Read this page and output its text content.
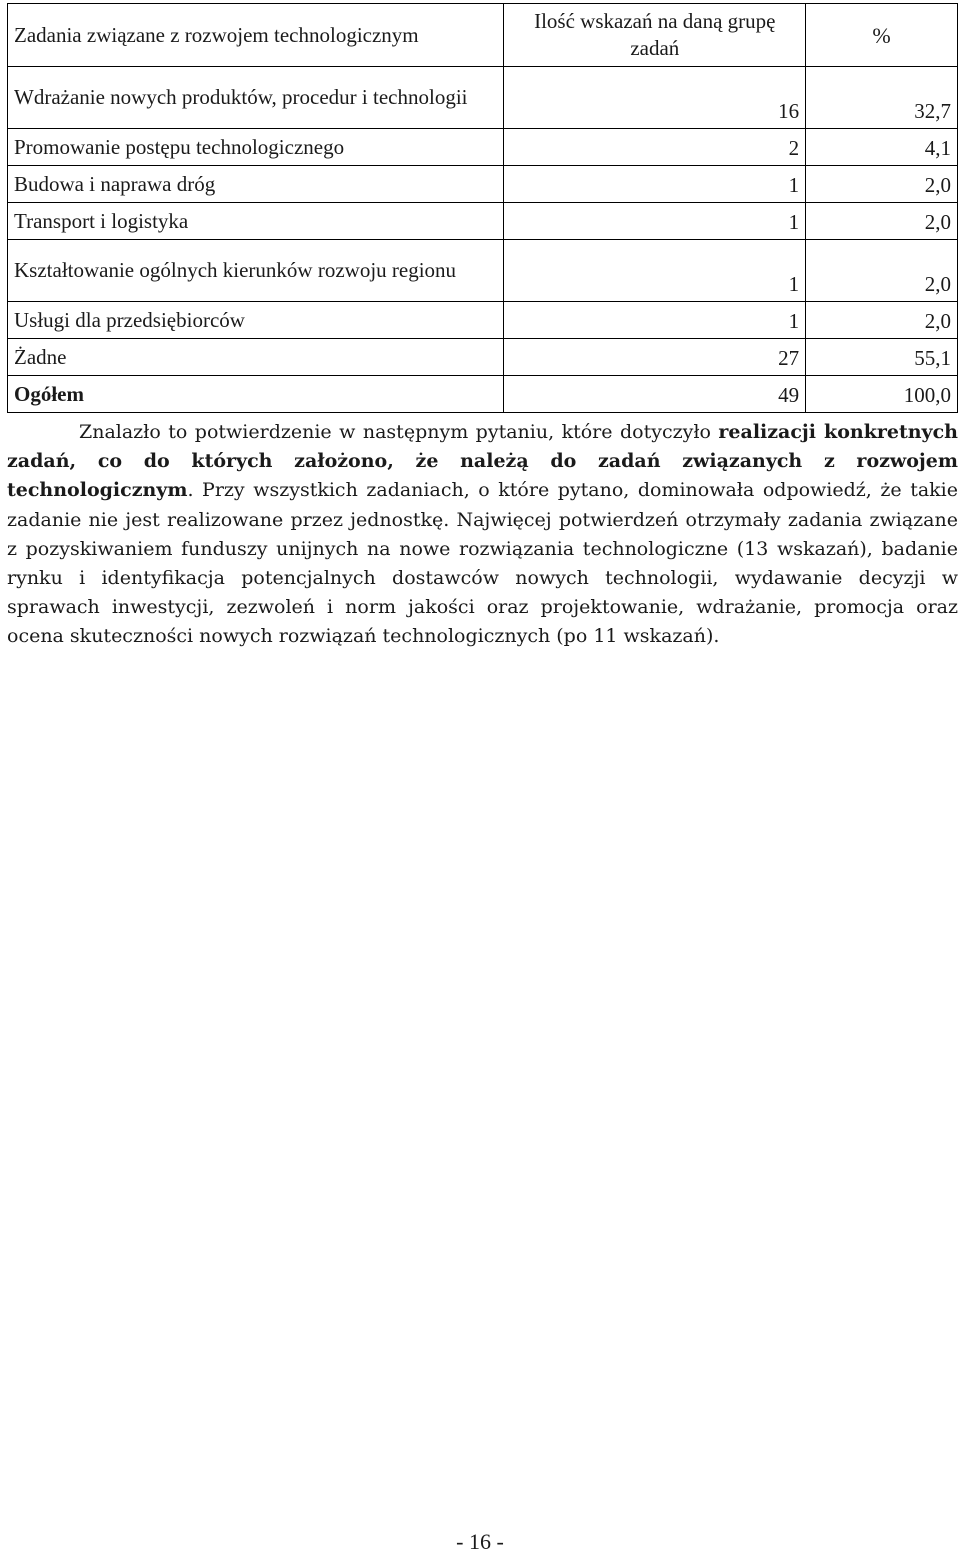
Zadania związane z rozwojem technologicznym	Ilość wskazań na daną grupę zadań	%
Wdrażanie nowych produktów, procedur i technologii	16	32,7
Promowanie postępu technologicznego	2	4,1
Budowa i naprawa dróg	1	2,0
Transport i logistyka	1	2,0
Kształtowanie ogólnych kierunków rozwoju regionu	1	2,0
Usługi dla przedsiębiorców	1	2,0
Żadne	27	55,1
Ogółem	49	100,0

Znalazło to potwierdzenie w następnym pytaniu, które dotyczyło realizacji konkretnych zadań, co do których założono, że należą do zadań związanych z rozwojem technologicznym. Przy wszystkich zadaniach, o które pytano, dominowała odpowiedź, że takie zadanie nie jest realizowane przez jednostkę. Najwięcej potwierdzeń otrzymały zadania związane z pozyskiwaniem funduszy unijnych na nowe rozwiązania technologiczne (13 wskazań), badanie rynku i identyfikacja potencjalnych dostawców nowych technologii, wydawanie decyzji w sprawach inwestycji, zezwoleń i norm jakości oraz projektowanie, wdrażanie, promocja oraz ocena skuteczności nowych rozwiązań technologicznych (po 11 wskazań).

- 16 -
